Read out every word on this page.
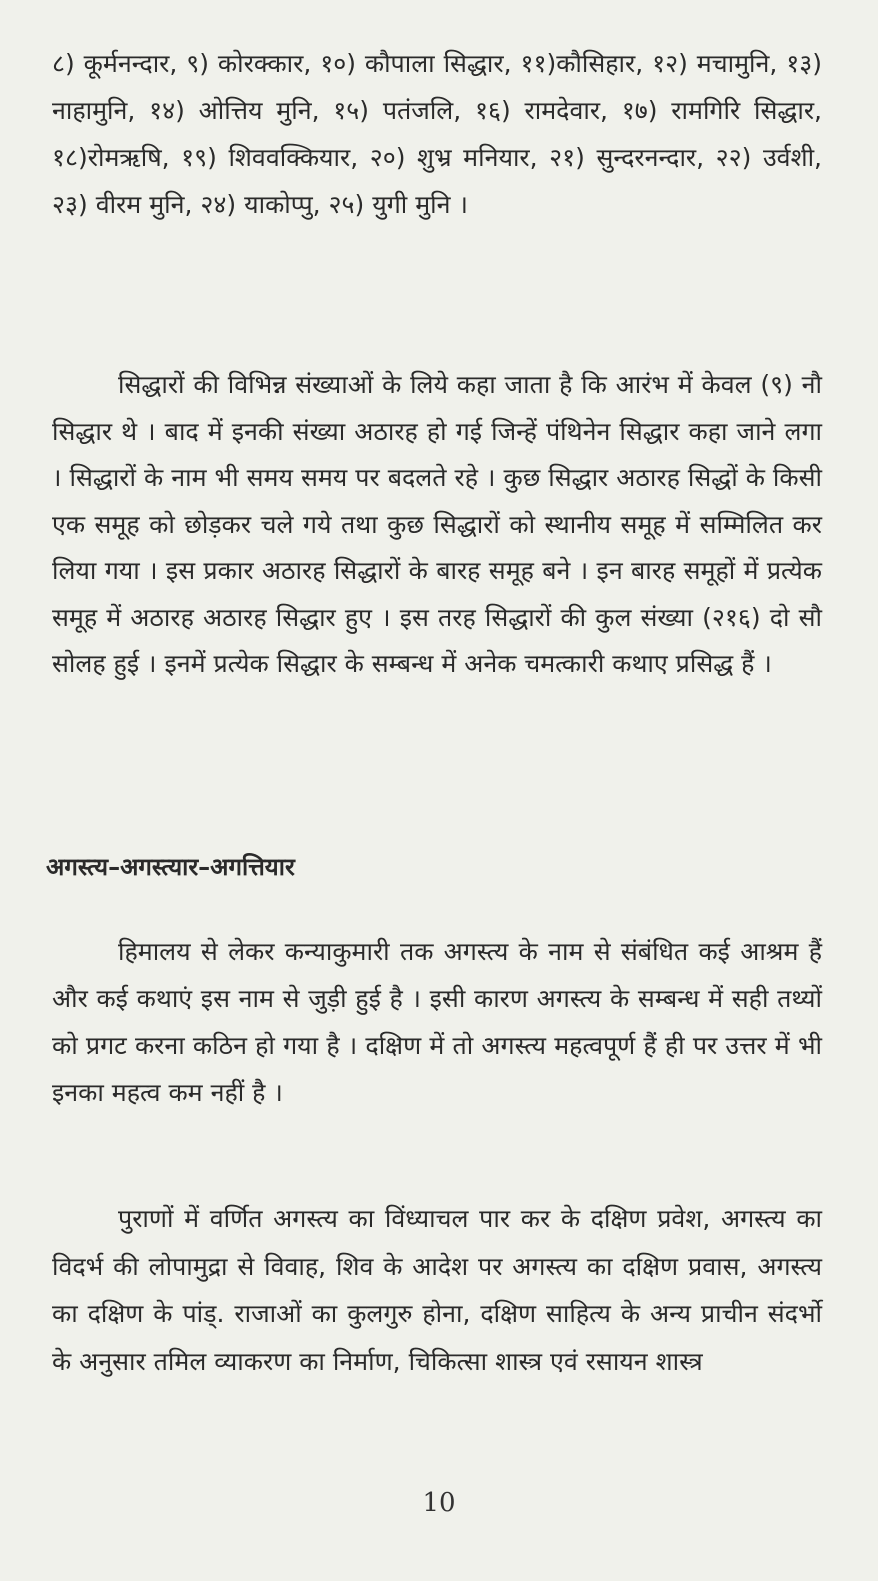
८) कूर्मनन्दार, ९) कोरक्कार, १०) कौपाला सिद्धार, ११)कौसिहार, १२) मचामुनि, १३) नाहामुनि, १४) ओत्तिय मुनि, १५) पतंजलि, १६) रामदेवार, १७) रामगिरि सिद्धार, १८)रोमऋषि, १९) शिववक्कियार, २०) शुभ्र मनियार, २१) सुन्दरनन्दार, २२) उर्वशी, २३) वीरम मुनि, २४) याकोप्पु, २५) युगी मुनि ।

सिद्धारों की विभिन्न संख्याओं के लिये कहा जाता है कि आरंभ में केवल (९) नौ सिद्धार थे । बाद में इनकी संख्या अठारह हो गई जिन्हें पंथिनेन सिद्धार कहा जाने लगा । सिद्धारों के नाम भी समय समय पर बदलते रहे । कुछ सिद्धार अठारह सिद्धों के किसी एक समूह को छोड़कर चले गये तथा कुछ सिद्धारों को स्थानीय समूह में सम्मिलित कर लिया गया । इस प्रकार अठारह सिद्धारों के बारह समूह बने । इन बारह समूहों में प्रत्येक समूह में अठारह अठारह सिद्धार हुए । इस तरह सिद्धारों की कुल संख्या (२१६) दो सौ सोलह हुई । इनमें प्रत्येक सिद्धार के सम्बन्ध में अनेक चमत्कारी कथाए प्रसिद्ध हैं ।

अगस्त्य–अगस्त्यार–अगत्तियार

हिमालय से लेकर कन्याकुमारी तक अगस्त्य के नाम से संबंधित कई आश्रम हैं और कई कथाएं इस नाम से जुड़ी हुई है । इसी कारण अगस्त्य के सम्बन्ध में सही तथ्यों को प्रगट करना कठिन हो गया है । दक्षिण में तो अगस्त्य महत्वपूर्ण हैं ही पर उत्तर में भी इनका महत्व कम नहीं है ।

पुराणों में वर्णित अगस्त्य का विंध्याचल पार कर के दक्षिण प्रवेश, अगस्त्य का विदर्भ की लोपामुद्रा से विवाह, शिव के आदेश पर अगस्त्य का दक्षिण प्रवास, अगस्त्य का दक्षिण के पांड्. राजाओं का कुलगुरु होना, दक्षिण साहित्य के अन्य प्राचीन संदर्भो के अनुसार तमिल व्याकरण का निर्माण, चिकित्सा शास्त्र एवं रसायन शास्त्र

10
